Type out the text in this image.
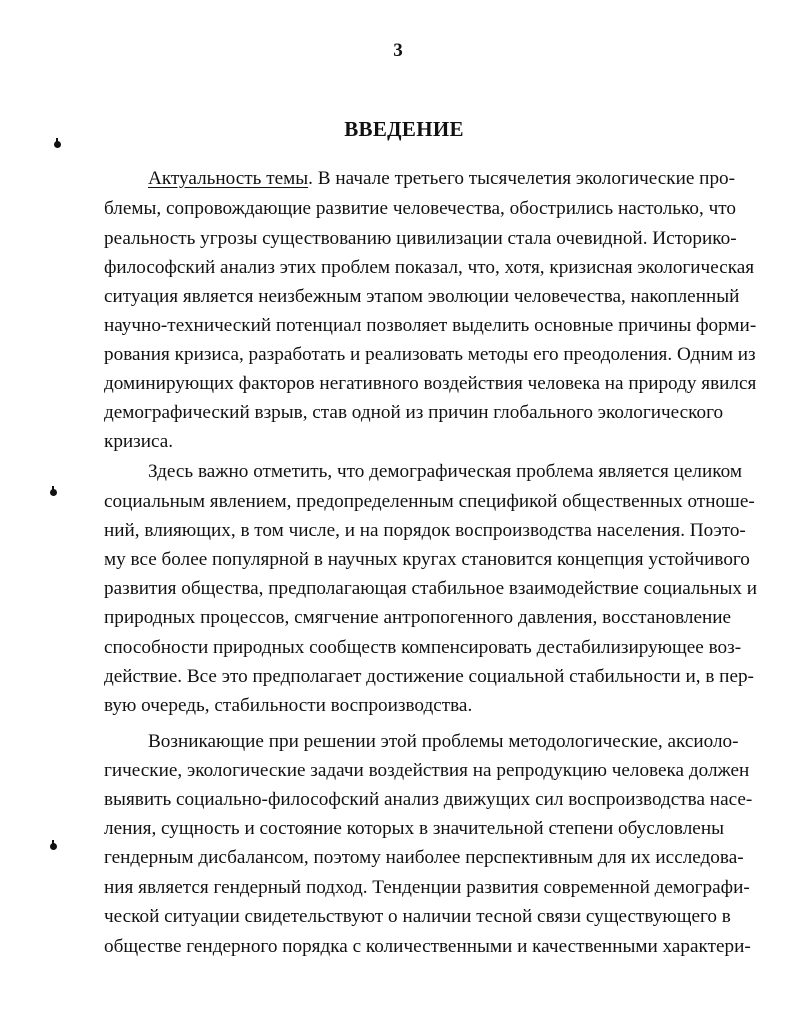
3
ВВЕДЕНИЕ
Актуальность темы. В начале третьего тысячелетия экологические про-
блемы, сопровождающие развитие человечества, обострились настолько, что
реальность угрозы существованию цивилизации стала очевидной. Историко-
философский анализ этих проблем показал, что, хотя, кризисная экологическая
ситуация является неизбежным этапом эволюции человечества, накопленный
научно-технический потенциал позволяет выделить основные причины форми-
рования кризиса, разработать и реализовать методы его преодоления. Одним из
доминирующих факторов негативного воздействия человека на природу явился
демографический взрыв, став одной из причин глобального экологического
кризиса.
Здесь важно отметить, что демографическая проблема является целиком
социальным явлением, предопределенным спецификой общественных отноше-
ний, влияющих, в том числе, и на порядок воспроизводства населения. Поэто-
му все более популярной в научных кругах становится концепция устойчивого
развития общества, предполагающая стабильное взаимодействие социальных и
природных процессов, смягчение антропогенного давления, восстановление
способности природных сообществ компенсировать дестабилизирующее воз-
действие. Все это предполагает достижение социальной стабильности и, в пер-
вую очередь, стабильности воспроизводства.
Возникающие при решении этой проблемы методологические, аксиоло-
гические, экологические задачи воздействия на репродукцию человека должен
выявить социально-философский анализ движущих сил воспроизводства насе-
ления, сущность и состояние которых в значительной степени обусловлены
гендерным дисбалансом, поэтому наиболее перспективным для их исследова-
ния является гендерный подход. Тенденции развития современной демографи-
ческой ситуации свидетельствуют о наличии тесной связи существующего в
обществе гендерного порядка с количественными и качественными характери-
